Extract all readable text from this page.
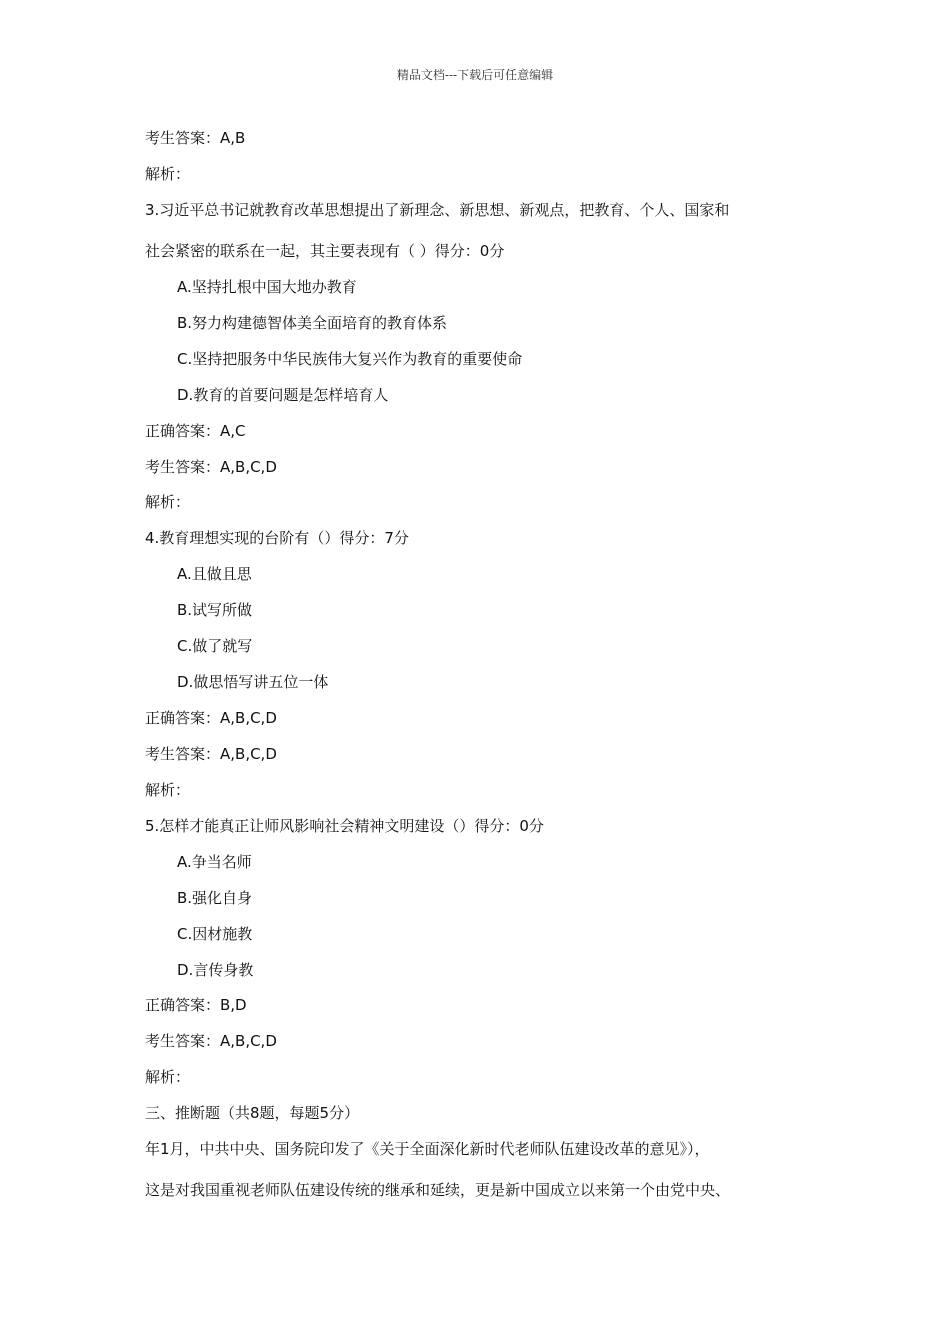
精品文档---下载后可任意编辑
考生答案：A,B
解析：
3.习近平总书记就教育改革思想提出了新理念、新思想、新观点，把教育、个人、国家和
社会紧密的联系在一起，其主要表现有（ ）得分：0分
A.坚持扎根中国大地办教育
B.努力构建德智体美全面培育的教育体系
C.坚持把服务中华民族伟大复兴作为教育的重要使命
D.教育的首要问题是怎样培育人
正确答案：A,C
考生答案：A,B,C,D
解析：
4.教育理想实现的台阶有（）得分：7分
A.且做且思
B.试写所做
C.做了就写
D.做思悟写讲五位一体
正确答案：A,B,C,D
考生答案：A,B,C,D
解析：
5.怎样才能真正让师风影响社会精神文明建设（）得分：0分
A.争当名师
B.强化自身
C.因材施教
D.言传身教
正确答案：B,D
考生答案：A,B,C,D
解析：
三、推断题（共8题，每题5分）
年1月，中共中央、国务院印发了《关于全面深化新时代老师队伍建设改革的意见》），
这是对我国重视老师队伍建设传统的继承和延续，更是新中国成立以来第一个由党中央、
